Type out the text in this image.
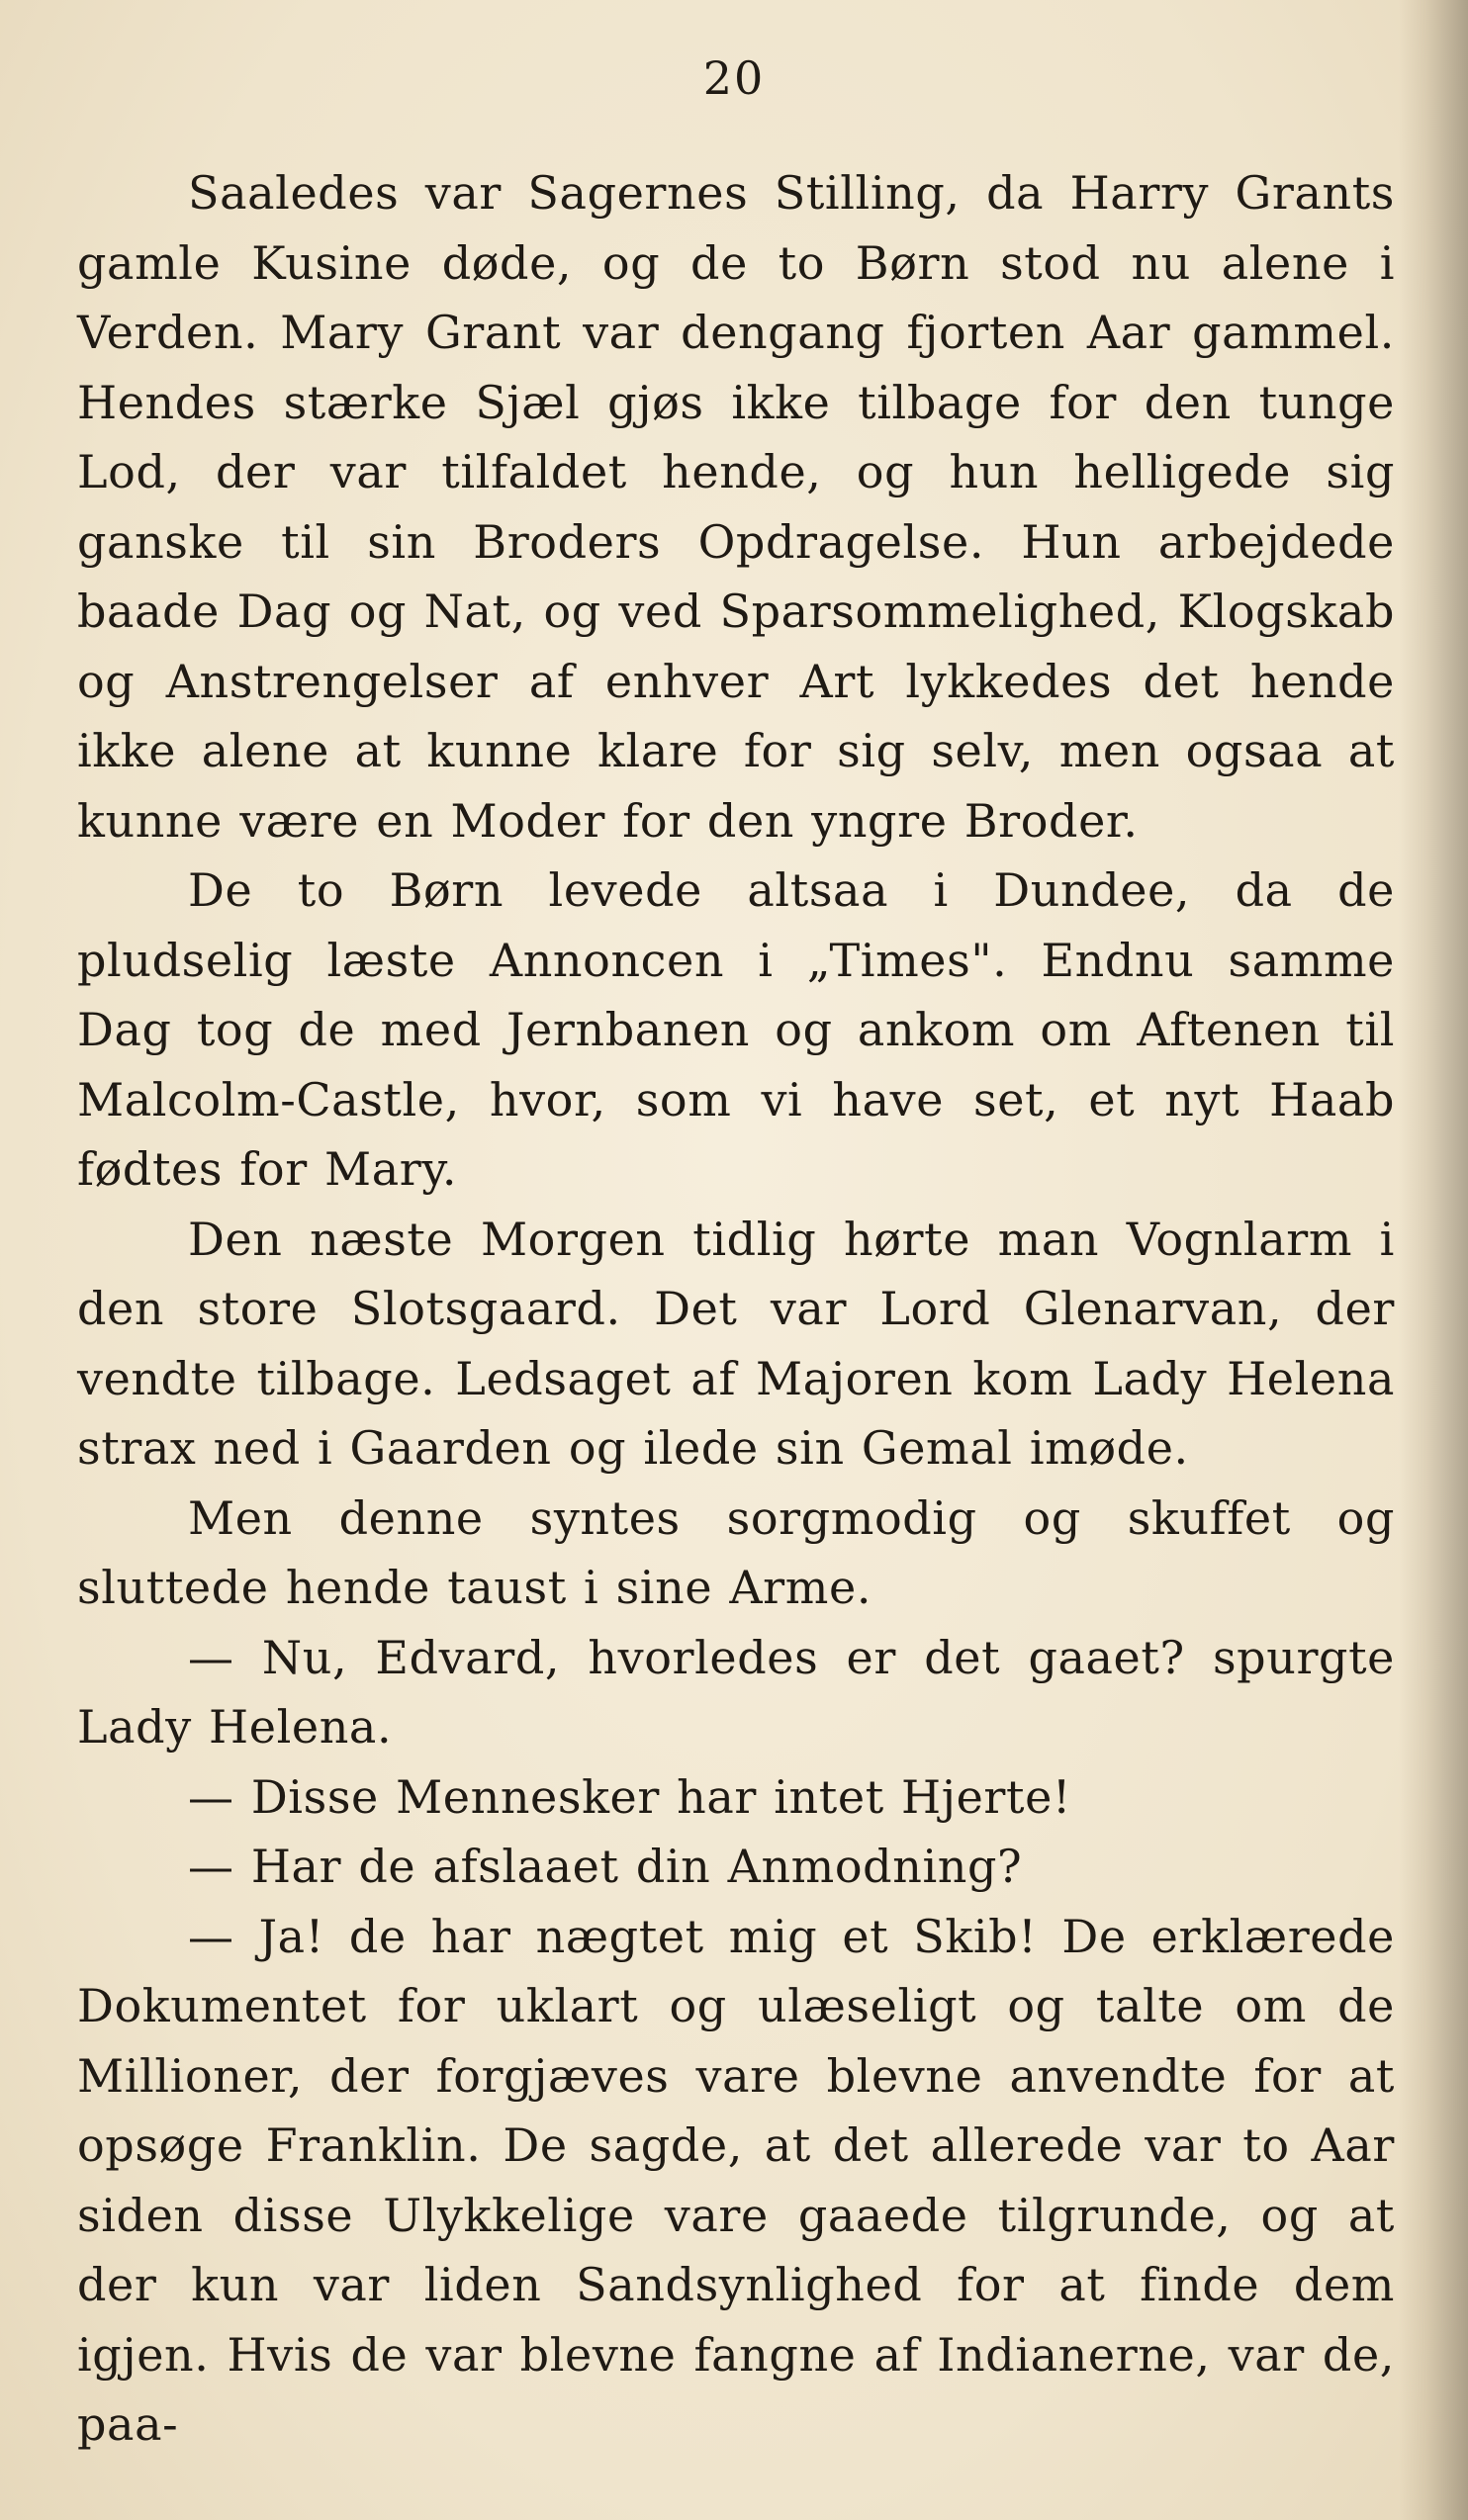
20

Saaledes var Sagernes Stilling, da Harry Grants gamle Kusine døde, og de to Børn stod nu alene i Verden. Mary Grant var dengang fjorten Aar gammel. Hendes stærke Sjæl gjøs ikke tilbage for den tunge Lod, der var tilfaldet hende, og hun helligede sig ganske til sin Broders Opdragelse. Hun arbejdede baade Dag og Nat, og ved Sparsommelighed, Klogskab og Anstrengelser af enhver Art lykkedes det hende ikke alene at kunne klare for sig selv, men ogsaa at kunne være en Moder for den yngre Broder.

De to Børn levede altsaa i Dundee, da de pludselig læste Annoncen i „Times". Endnu samme Dag tog de med Jernbanen og ankom om Aftenen til Malcolm-Castle, hvor, som vi have set, et nyt Haab fødtes for Mary.

Den næste Morgen tidlig hørte man Vognlarm i den store Slotsgaard. Det var Lord Glenarvan, der vendte tilbage. Ledsaget af Majoren kom Lady Helena strax ned i Gaarden og ilede sin Gemal imøde.

Men denne syntes sorgmodig og skuffet og sluttede hende taust i sine Arme.

— Nu, Edvard, hvorledes er det gaaet? spurgte Lady Helena.

— Disse Mennesker har intet Hjerte!

— Har de afslaaet din Anmodning?

— Ja! de har nægtet mig et Skib! De erklærede Dokumentet for uklart og ulæseligt og talte om de Millioner, der forgjæves vare blevne anvendte for at opsøge Franklin. De sagde, at det allerede var to Aar siden disse Ulykkelige vare gaaede tilgrunde, og at der kun var liden Sandsynlighed for at finde dem igjen. Hvis de var blevne fangne af Indianerne, var de, paa-
